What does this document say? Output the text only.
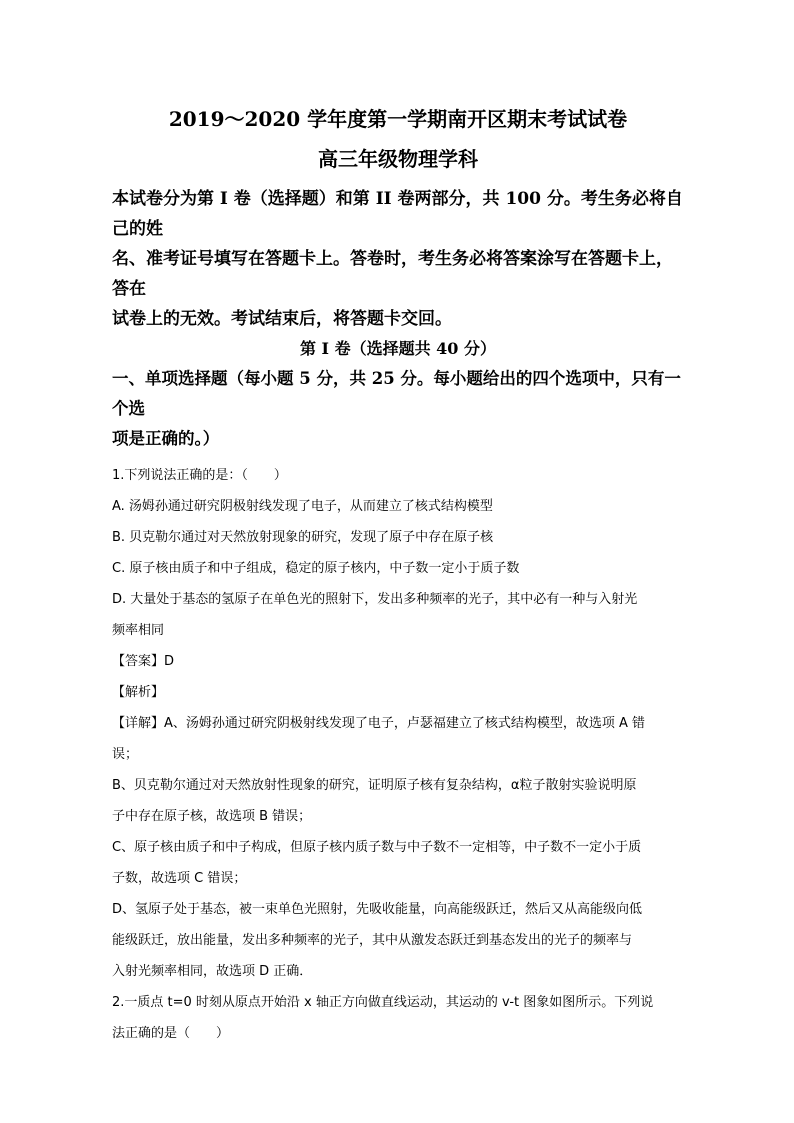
2019～2020 学年度第一学期南开区期末考试试卷

高三年级物理学科

本试卷分为第 I 卷（选择题）和第 II 卷两部分，共 100 分。考生务必将自己的姓

名、准考证号填写在答题卡上。答卷时，考生务必将答案涂写在答题卡上，答在

试卷上的无效。考试结束后，将答题卡交回。

第 I 卷（选择题共 40 分）

一、单项选择题（每小题 5 分，共 25 分。每小题给出的四个选项中，只有一个选

项是正确的。）

1.下列说法正确的是：（　　）

A. 汤姆孙通过研究阴极射线发现了电子，从而建立了核式结构模型

B. 贝克勒尔通过对天然放射现象的研究，发现了原子中存在原子核

C. 原子核由质子和中子组成，稳定的原子核内，中子数一定小于质子数

D. 大量处于基态的氢原子在单色光的照射下，发出多种频率的光子，其中必有一种与入射光

频率相同

【答案】D

【解析】

【详解】A、汤姆孙通过研究阴极射线发现了电子，卢瑟福建立了核式结构模型，故选项 A 错

误；

B、贝克勒尔通过对天然放射性现象的研究，证明原子核有复杂结构，α粒子散射实验说明原

子中存在原子核，故选项 B 错误；

C、原子核由质子和中子构成，但原子核内质子数与中子数不一定相等，中子数不一定小于质

子数，故选项 C 错误；

D、氢原子处于基态，被一束单色光照射，先吸收能量，向高能级跃迁，然后又从高能级向低

能级跃迁，放出能量，发出多种频率的光子，其中从激发态跃迁到基态发出的光子的频率与

入射光频率相同，故选项 D 正确．

2.一质点 t=0 时刻从原点开始沿 x 轴正方向做直线运动，其运动的 v-t 图象如图所示。下列说

法正确的是（　　）
